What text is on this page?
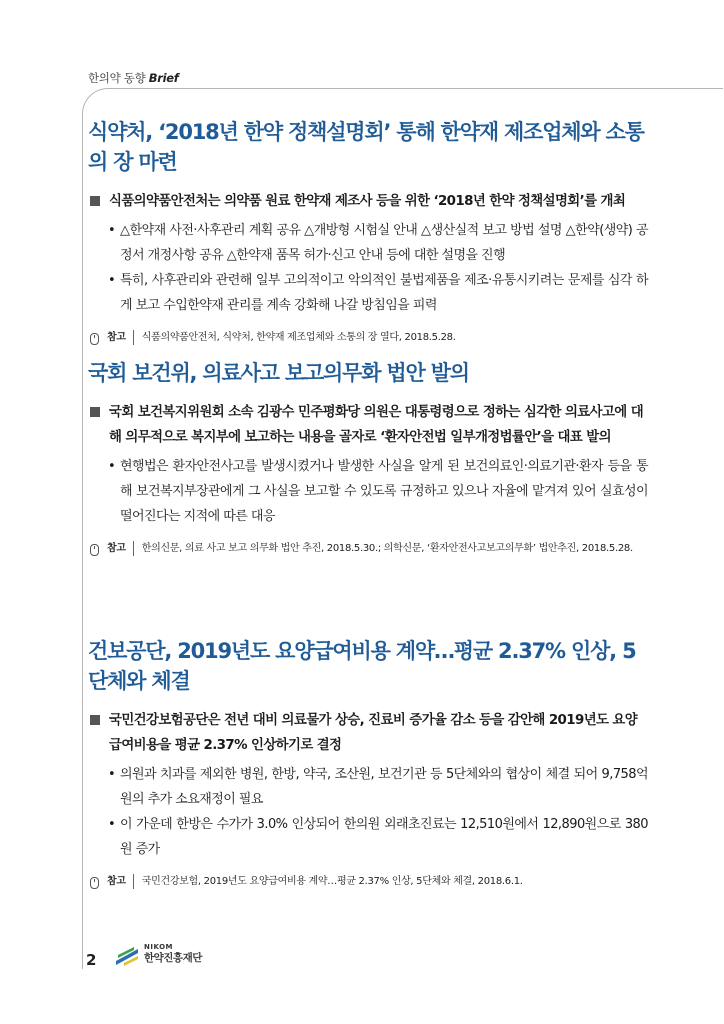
한의약 동향 Brief
식약처, ‘2018년 한약 정책설명회’ 통해 한약재 제조업체와 소통의 장 마련
식품의약품안전처는 의약품 원료 한약재 제조사 등을 위한 ‘2018년 한약 정책설명회’를 개최
• △한약재 사전·사후관리 계획 공유 △개방형 시험실 안내 △생산실적 보고 방법 설명 △한약(생약) 공정서 개정사항 공유 △한약재 품목 허가·신고 안내 등에 대한 설명을 진행
• 특히, 사후관리와 관련해 일부 고의적이고 악의적인 불법제품을 제조·유통시키려는 문제를 심각 하게 보고 수입한약재 관리를 계속 강화해 나갈 방침임을 피력
참고	식품의약품안전처, 식약처, 한약재 제조업체와 소통의 장 열다, 2018.5.28.
국회 보건위, 의료사고 보고의무화 법안 발의
국회 보건복지위원회 소속 김광수 민주평화당 의원은 대통령령으로 정하는 심각한 의료사고에 대해 의무적으로 복지부에 보고하는 내용을 골자로 ‘환자안전법 일부개정법률안’을 대표 발의
• 현행법은 환자안전사고를 발생시켰거나 발생한 사실을 알게 된 보건의료인·의료기관·환자 등을 통해 보건복지부장관에게 그 사실을 보고할 수 있도록 규정하고 있으나 자율에 맡겨져 있어 실효성이 떨어진다는 지적에 따른 대응
참고	한의신문, 의료 사고 보고 의무화 법안 추진, 2018.5.30.; 의학신문, ‘환자안전사고보고의무화’ 법안추진, 2018.5.28.
건보공단, 2019년도 요양급여비용 계약…평균 2.37% 인상, 5단체와 체결
국민건강보험공단은 전년 대비 의료물가 상승, 진료비 증가율 감소 등을 감안해 2019년도 요양급여비용을 평균 2.37% 인상하기로 결정
• 의원과 치과를 제외한 병원, 한방, 약국, 조산원, 보건기관 등 5단체와의 협상이 체결 되어 9,758억원의 추가 소요재정이 필요
• 이 가운데 한방은 수가가 3.0% 인상되어 한의원 외래초진료는 12,510원에서 12,890원으로 380원 증가
참고	국민건강보험, 2019년도 요양급여비용 계약…평균 2.37% 인상, 5단체와 체결, 2018.6.1.
2
NIKOM
한약진흥재단
